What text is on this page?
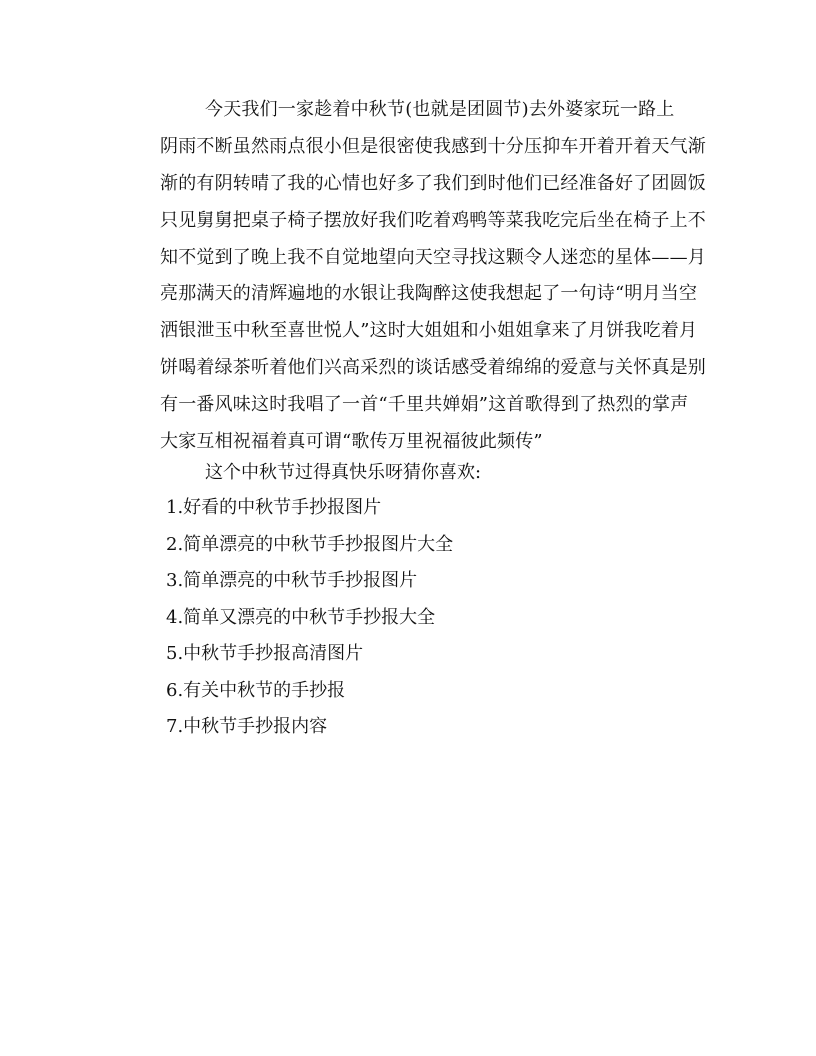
今天我们一家趁着中秋节(也就是团圆节)去外婆家玩一路上
阴雨不断虽然雨点很小但是很密使我感到十分压抑车开着开着天气渐
渐的有阴转晴了我的心情也好多了我们到时他们已经准备好了团圆饭
只见舅舅把桌子椅子摆放好我们吃着鸡鸭等菜我吃完后坐在椅子上不
知不觉到了晚上我不自觉地望向天空寻找这颗令人迷恋的星体——月
亮那满天的清辉遍地的水银让我陶醉这使我想起了一句诗“明月当空
洒银泄玉中秋至喜世悦人”这时大姐姐和小姐姐拿来了月饼我吃着月
饼喝着绿茶听着他们兴高采烈的谈话感受着绵绵的爱意与关怀真是别
有一番风味这时我唱了一首“千里共婵娟”这首歌得到了热烈的掌声
大家互相祝福着真可谓“歌传万里祝福彼此频传”

这个中秋节过得真快乐呀猜你喜欢:

1.好看的中秋节手抄报图片
2.简单漂亮的中秋节手抄报图片大全
3.简单漂亮的中秋节手抄报图片
4.简单又漂亮的中秋节手抄报大全
5.中秋节手抄报高清图片
6.有关中秋节的手抄报
7.中秋节手抄报内容
